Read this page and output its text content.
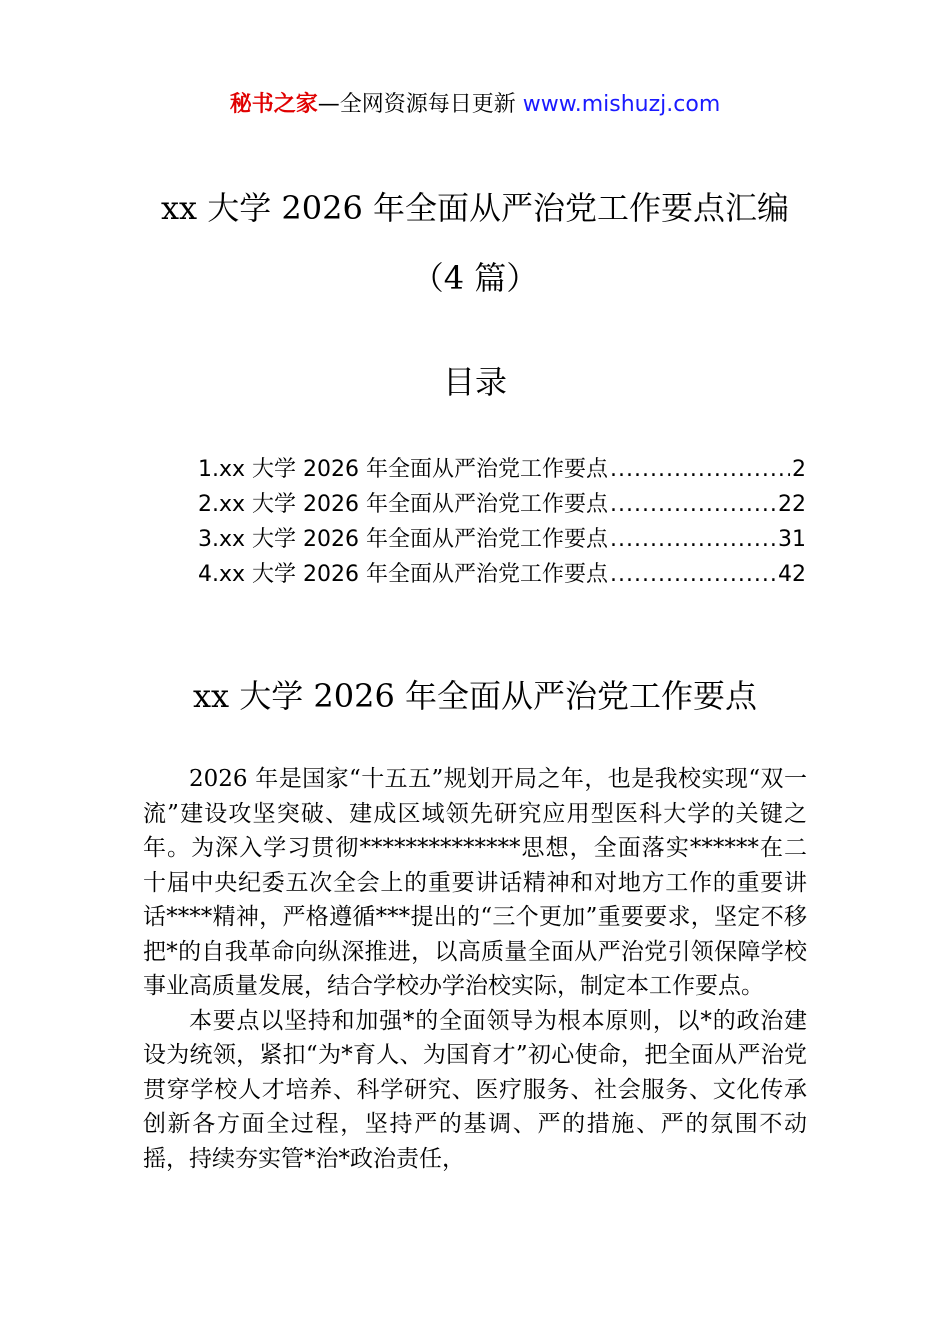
秘书之家—全网资源每日更新 www.mishuzj.com
xx 大学 2026 年全面从严治党工作要点汇编
（4 篇）
目录
1.xx 大学 2026 年全面从严治党工作要点 .....	2
2.xx 大学 2026 年全面从严治党工作要点 .....	22
3.xx 大学 2026 年全面从严治党工作要点 .....	31
4.xx 大学 2026 年全面从严治党工作要点 .....	42
xx 大学 2026 年全面从严治党工作要点

2026 年是国家“十五五”规划开局之年，也是我校实现“双一流”建设攻坚突破、建成区域领先研究应用型医科大学的关键之年。为深入学习贯彻**************思想，全面落实******在二十届中央纪委五次全会上的重要讲话精神和对地方工作的重要讲话****精神，严格遵循***提出的“三个更加”重要要求，坚定不移把*的自我革命向纵深推进，以高质量全面从严治党引领保障学校事业高质量发展，结合学校办学治校实际，制定本工作要点。

本要点以坚持和加强*的全面领导为根本原则，以*的政治建设为统领，紧扣“为*育人、为国育才”初心使命，把全面从严治党贯穿学校人才培养、科学研究、医疗服务、社会服务、文化传承创新各方面全过程，坚持严的基调、严的措施、严的氛围不动摇，持续夯实管*治*政治责任，
